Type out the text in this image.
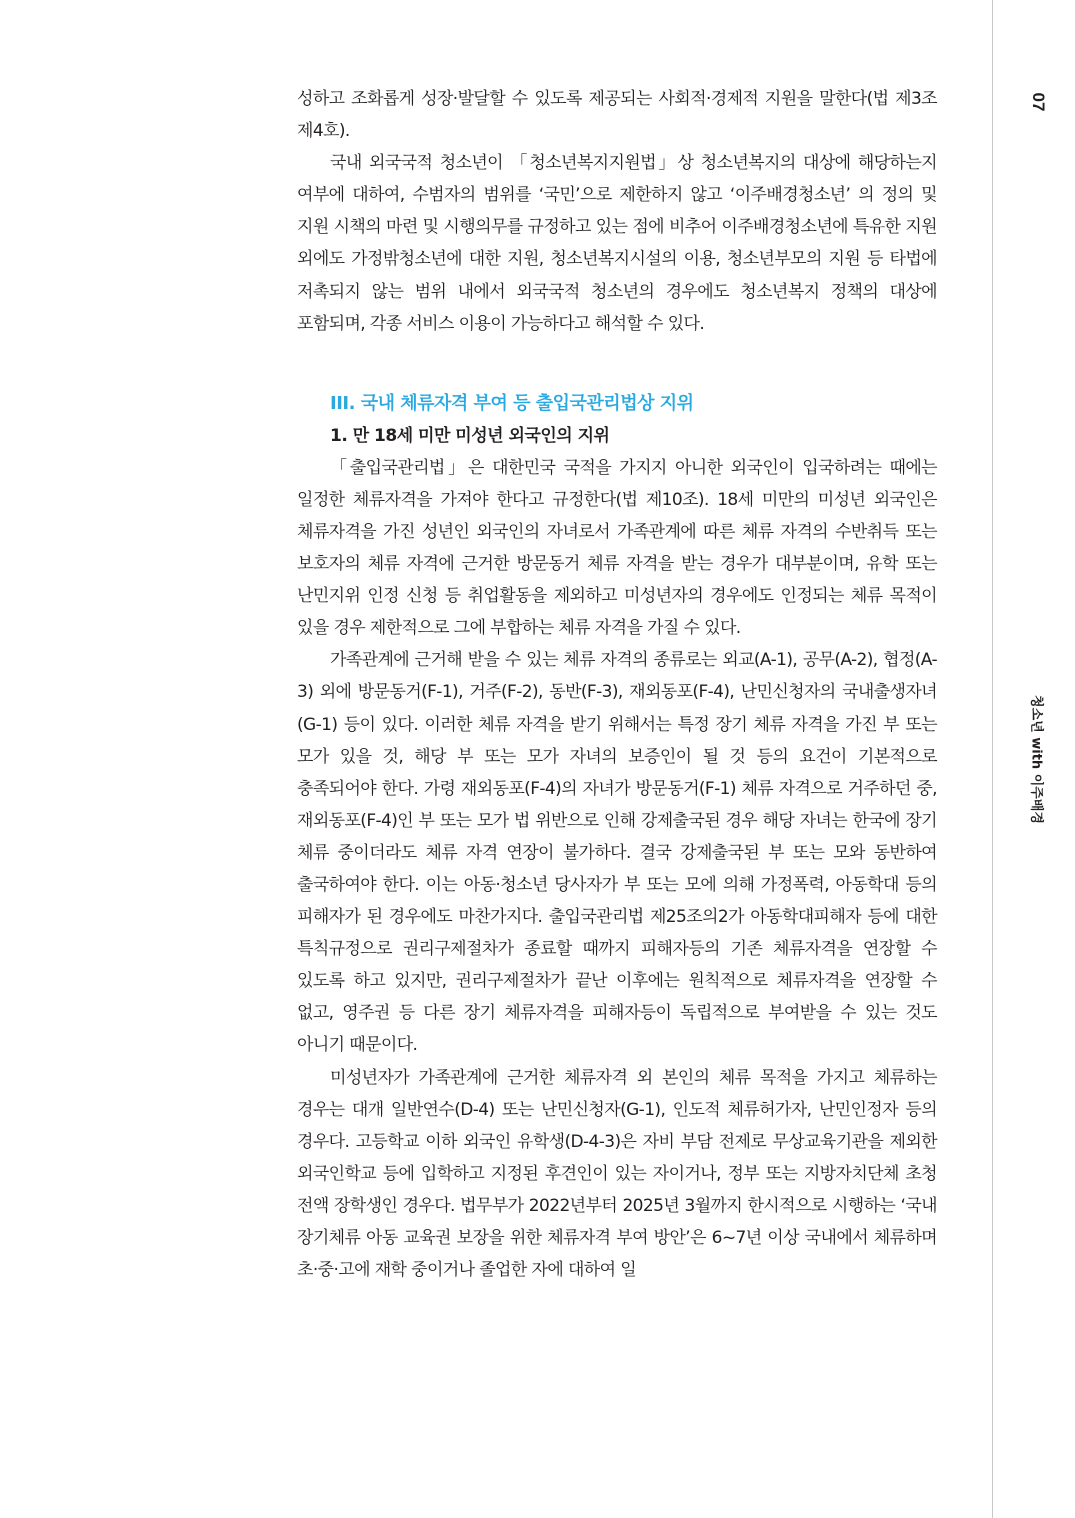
07
청소년 with 이주배경

성하고 조화롭게 성장·발달할 수 있도록 제공되는 사회적·경제적 지원을 말한다(법 제3조 제4호).

국내 외국국적 청소년이 「청소년복지지원법」상 청소년복지의 대상에 해당하는지 여부에 대하여, 수범자의 범위를 ‘국민’으로 제한하지 않고 ‘이주배경청소년’ 의 정의 및 지원 시책의 마련 및 시행의무를 규정하고 있는 점에 비추어 이주배경청소년에 특유한 지원 외에도 가정밖청소년에 대한 지원, 청소년복지시설의 이용, 청소년부모의 지원 등 타법에 저촉되지 않는 범위 내에서 외국국적 청소년의 경우에도 청소년복지 정책의 대상에 포함되며, 각종 서비스 이용이 가능하다고 해석할 수 있다.

III. 국내 체류자격 부여 등 출입국관리법상 지위
1. 만 18세 미만 미성년 외국인의 지위

「출입국관리법」은 대한민국 국적을 가지지 아니한 외국인이 입국하려는 때에는 일정한 체류자격을 가져야 한다고 규정한다(법 제10조). 18세 미만의 미성년 외국인은 체류자격을 가진 성년인 외국인의 자녀로서 가족관계에 따른 체류 자격의 수반취득 또는 보호자의 체류 자격에 근거한 방문동거 체류 자격을 받는 경우가 대부분이며, 유학 또는 난민지위 인정 신청 등 취업활동을 제외하고 미성년자의 경우에도 인정되는 체류 목적이 있을 경우 제한적으로 그에 부합하는 체류 자격을 가질 수 있다.

가족관계에 근거해 받을 수 있는 체류 자격의 종류로는 외교(A-1), 공무(A-2), 협정(A-3) 외에 방문동거(F-1), 거주(F-2), 동반(F-3), 재외동포(F-4), 난민신청자의 국내출생자녀(G-1) 등이 있다. 이러한 체류 자격을 받기 위해서는 특정 장기 체류 자격을 가진 부 또는 모가 있을 것, 해당 부 또는 모가 자녀의 보증인이 될 것 등의 요건이 기본적으로 충족되어야 한다. 가령 재외동포(F-4)의 자녀가 방문동거(F-1) 체류 자격으로 거주하던 중, 재외동포(F-4)인 부 또는 모가 법 위반으로 인해 강제출국된 경우 해당 자녀는 한국에 장기 체류 중이더라도 체류 자격 연장이 불가하다. 결국 강제출국된 부 또는 모와 동반하여 출국하여야 한다. 이는 아동·청소년 당사자가 부 또는 모에 의해 가정폭력, 아동학대 등의 피해자가 된 경우에도 마찬가지다. 출입국관리법 제25조의2가 아동학대피해자 등에 대한 특칙규정으로 권리구제절차가 종료할 때까지 피해자등의 기존 체류자격을 연장할 수 있도록 하고 있지만, 권리구제절차가 끝난 이후에는 원칙적으로 체류자격을 연장할 수 없고, 영주권 등 다른 장기 체류자격을 피해자등이 독립적으로 부여받을 수 있는 것도 아니기 때문이다.

미성년자가 가족관계에 근거한 체류자격 외 본인의 체류 목적을 가지고 체류하는 경우는 대개 일반연수(D-4) 또는 난민신청자(G-1), 인도적 체류허가자, 난민인정자 등의 경우다. 고등학교 이하 외국인 유학생(D-4-3)은 자비 부담 전제로 무상교육기관을 제외한 외국인학교 등에 입학하고 지정된 후견인이 있는 자이거나, 정부 또는 지방자치단체 초청 전액 장학생인 경우다. 법무부가 2022년부터 2025년 3월까지 한시적으로 시행하는 ‘국내 장기체류 아동 교육권 보장을 위한 체류자격 부여 방안’은 6~7년 이상 국내에서 체류하며 초·중·고에 재학 중이거나 졸업한 자에 대하여 일
